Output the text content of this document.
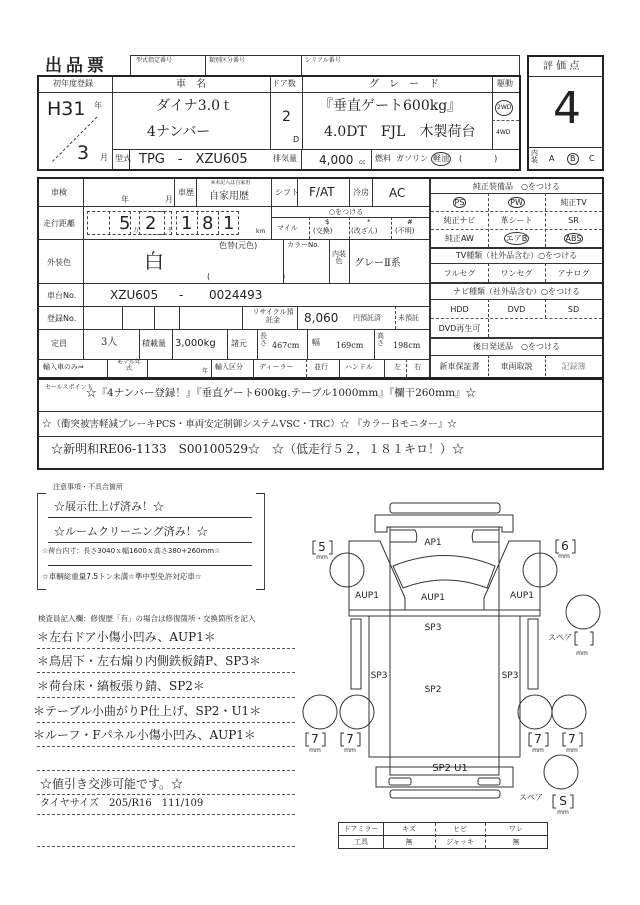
出品票	型式指定番号	類別区分番号	シリアル番号
初年度登録
H31 年
3 月
車　名
ダイナ3.0ｔ
4ナンバー
ドア数
2
D
グ　レ　ー　ド
『垂直ゲート600kg』
4.0DT　FJL　木製荷台
駆動
2WD
4WD
型式 TPG　-　XZU605	排気量 4,000 cc 燃料 ガソリン 軽油 (　　　　)
評 価 点
4
内装 A	B	C
車検
年	月
車歴
※未記入は自家用
自家用歴	シフト F/AT 冷房 AC
走行距離 5 万 2 千 1 8 1	km
○をつける
マイル
$
(交換)
*
(改ざん)
#
(不明)
外装色	白
色替(元色)
(　　　　　　　　　)
カラーNo.
内装色	グレーⅡ系
車台No.	XZU605 - 0024493
登録No.
リサイクル預託金	8,060 円預託済 未預託
定員	3人	積載量 3,000kg 諸元
長さ 467cm 幅 169cm
高さ 198cm
輸入車のみ⇒
モデル年式	年
輸入区分 ディーラー	並行 ハンドル	左 右
純正装備品　○をつける
PS	PW	純正TV
純正ナビ	革シート	SR
純正AW	エアB	ABS
TV種類（社外品含む）○をつける
フルセグ	ワンセグ	アナログ
ナビ種類（社外品含む）○をつける
HDD	DVD	SD
DVD再生可
後日発送品　○をつける
新車保証書	車両取説	記録簿
セールスポイント
☆『4ナンバー登録！』『垂直ゲート600kg.テーブル1000mm』『欄干260mm』☆
☆（衝突被害軽減ブレーキPCS・車両安定制御システムVSC・TRC）☆ 『カラーＢモニター』☆
☆新明和RE06-1133　S00100529☆　☆（低走行５２，１８１キロ！）☆
注意事項・不具合箇所
☆展示仕上げ済み！☆
☆ルームクリーニング済み！☆
☆荷台内寸：長さ3040ｘ幅1600ｘ高さ380+260mm☆
☆車輌総重量7.5トン未満☆準中型免許対応車☆
検査員記入欄：修復歴「有」の場合は修復箇所・交換箇所を記入
＊左右ドア小傷小凹み、AUP1＊
＊鳥居下・左右煽り内側鉄板錆P、SP3＊
＊荷台床・縞板張り錆、SP2＊
＊テーブル小曲がりP仕上げ、SP2・U1＊
＊ルーフ・Fパネル小傷小凹み、AUP1＊
☆値引き交渉可能です。☆
タイヤサイズ　205/R16　111/109
AP1
AUP1	AUP1	AUP1
SP3
SP3	SP3
SP2
SP2 U1
5
mm
6
mm
スペア
mm
7 7	7 7
mm	mm	mm	mm
スペア S
mm
ドアミラー	キズ	ヒビ	ワレ
工具	無	ジャッキ	無
